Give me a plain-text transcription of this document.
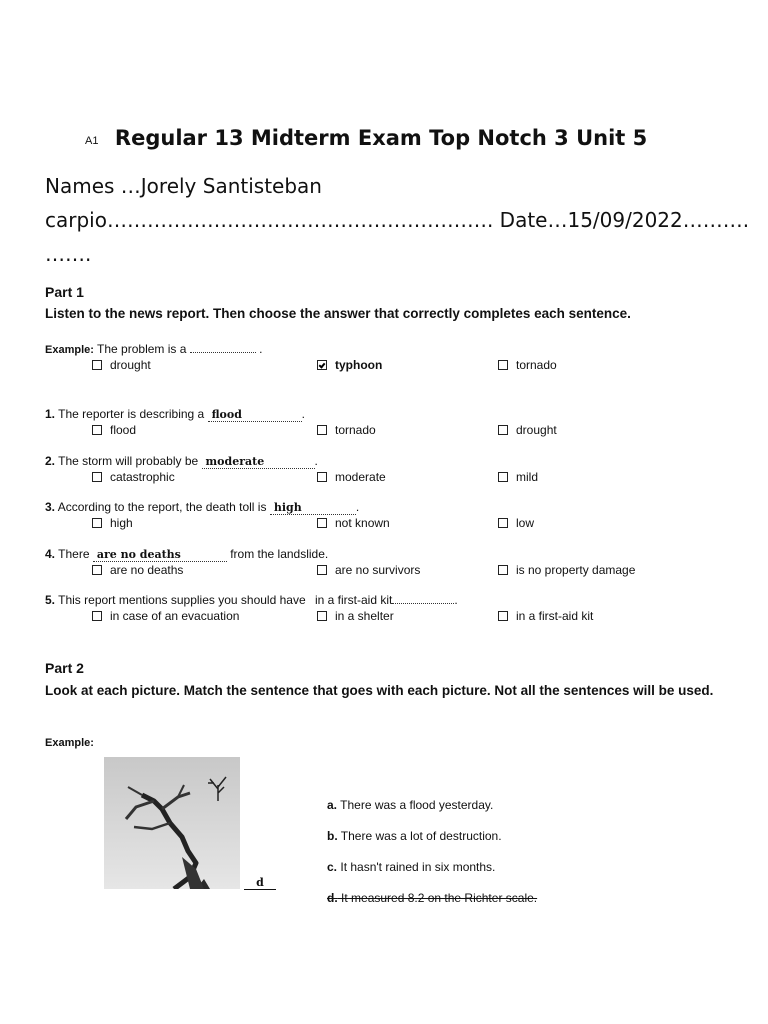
A1 Regular 13 Midterm Exam Top Notch 3 Unit 5
Names …Jorely Santisteban
carpio…………………………………………………. Date…15/09/2022……….
…….
Part 1
Listen to the news report. Then choose the answer that correctly completes each sentence.
Example: The problem is a	.
drought	typhoon	tornado
1. The reporter is describing a flood	.
flood	tornado	drought
2. The storm will probably be moderate	.
catastrophic	moderate	mild
3. According to the report, the death toll is high	.
high	not known	low
4. There are no deaths	from the landslide.
are no deaths	are no survivors	is no property damage
5. This report mentions supplies you should have in a first-aid kit	.
in case of an evacuation	in a shelter	in a first-aid kit
Part 2
Look at each picture. Match the sentence that goes with each picture. Not all the sentences will be used.
Example:
d
a. There was a flood yesterday.
b. There was a lot of destruction.
c. It hasn't rained in six months.
d. It measured 8.2 on the Richter scale.
